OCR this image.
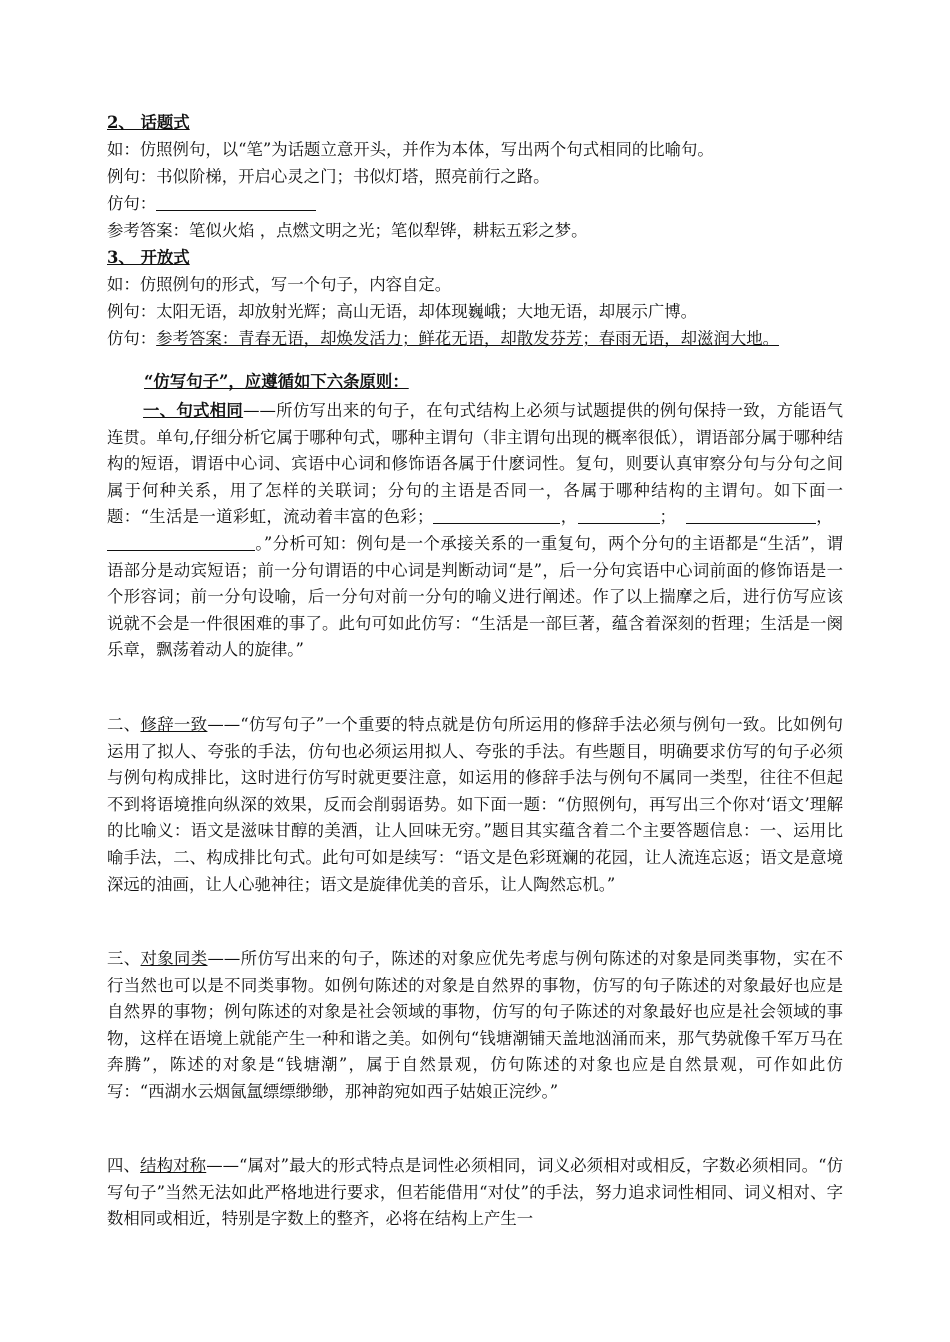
2、 话题式
如：仿照例句，以“笔”为话题立意开头，并作为本体，写出两个句式相同的比喻句。
例句：书似阶梯，开启心灵之门；书似灯塔，照亮前行之路。
仿句：
参考答案：笔似火焰 ，点燃文明之光；笔似犁铧，耕耘五彩之梦。
3、 开放式
如：仿照例句的形式，写一个句子，内容自定。
例句：太阳无语，却放射光辉；高山无语，却体现巍峨；大地无语，却展示广博。
仿句：参考答案：青春无语，却焕发活力；鲜花无语，却散发芬芳；春雨无语，却滋润大地。
“仿写句子”，应遵循如下六条原则：
一、句式相同——所仿写出来的句子，在句式结构上必须与试题提供的例句保持一致，方能语气连贯。单句,仔细分析它属于哪种句式，哪种主谓句（非主谓句出现的概率很低），谓语部分属于哪种结构的短语，谓语中心词、宾语中心词和修饰语各属于什麽词性。复句，则要认真审察分句与分句之间属于何种关系，用了怎样的关联词；分句的主语是否同一，各属于哪种结构的主谓句。如下面一题：“生活是一道彩虹，流动着丰富的色彩；	，	；	，。”分析可知：例句是一个承接关系的一重复句，两个分句的主语都是“生活”，谓语部分是动宾短语；前一分句谓语的中心词是判断动词“是”，后一分句宾语中心词前面的修饰语是一个形容词；前一分句设喻，后一分句对前一分句的喻义进行阐述。作了以上揣摩之后，进行仿写应该说就不会是一件很困难的事了。此句可如此仿写：“生活是一部巨著，蕴含着深刻的哲理；生活是一阕乐章，飘荡着动人的旋律。”
二、修辞一致——“仿写句子”一个重要的特点就是仿句所运用的修辞手法必须与例句一致。比如例句运用了拟人、夸张的手法，仿句也必须运用拟人、夸张的手法。有些题目，明确要求仿写的句子必须与例句构成排比，这时进行仿写时就更要注意，如运用的修辞手法与例句不属同一类型，往往不但起不到将语境推向纵深的效果，反而会削弱语势。如下面一题：“仿照例句，再写出三个你对‘语文’理解的比喻义：语文是滋味甘醇的美酒，让人回味无穷。”题目其实蕴含着二个主要答题信息：一、运用比喻手法，二、构成排比句式。此句可如是续写：“语文是色彩斑斓的花园，让人流连忘返；语文是意境深远的油画，让人心驰神往；语文是旋律优美的音乐，让人陶然忘机。”
三、对象同类——所仿写出来的句子，陈述的对象应优先考虑与例句陈述的对象是同类事物，实在不行当然也可以是不同类事物。如例句陈述的对象是自然界的事物，仿写的句子陈述的对象最好也应是自然界的事物；例句陈述的对象是社会领域的事物，仿写的句子陈述的对象最好也应是社会领域的事物，这样在语境上就能产生一种和谐之美。如例句“钱塘潮铺天盖地汹涌而来，那气势就像千军万马在奔腾”，陈述的对象是“钱塘潮”，属于自然景观，仿句陈述的对象也应是自然景观，可作如此仿写：“西湖水云烟氤氲缥缥缈缈，那神韵宛如西子姑娘正浣纱。”
四、结构对称——“属对”最大的形式特点是词性必须相同，词义必须相对或相反，字数必须相同。“仿写句子”当然无法如此严格地进行要求，但若能借用“对仗”的手法，努力追求词性相同、词义相对、字数相同或相近，特别是字数上的整齐，必将在结构上产生一
